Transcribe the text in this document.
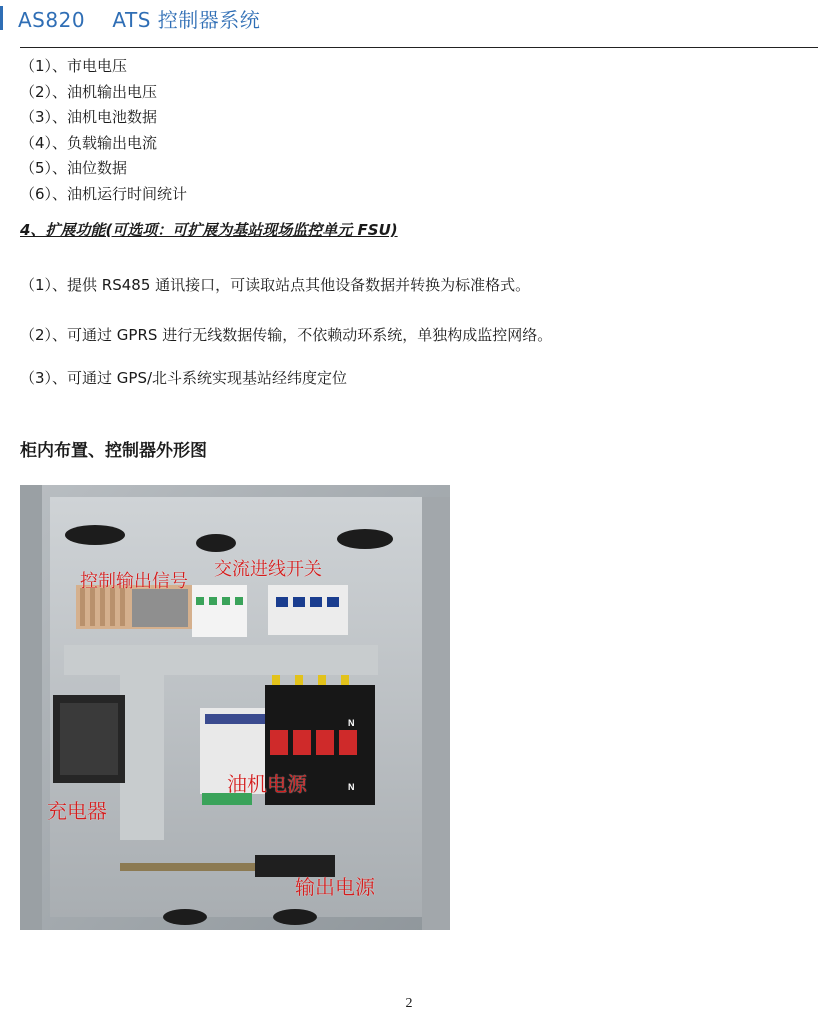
AS820　 ATS 控制器系统
（1）、市电电压
（2）、油机输出电压
（3）、油机电池数据
（4）、负载输出电流
（5）、油位数据
（6）、油机运行时间统计
4、扩展功能(可选项：可扩展为基站现场监控单元 FSU)
（1）、提供 RS485 通讯接口，可读取站点其他设备数据并转换为标准格式。
（2）、可通过 GPRS 进行无线数据传输，不依赖动环系统，单独构成监控网络。
（3）、可通过 GPS/北斗系统实现基站经纬度定位
柜内布置、控制器外形图
N
N
控制输出信号
交流进线开关
油机电源
充电器
输出电源
2
